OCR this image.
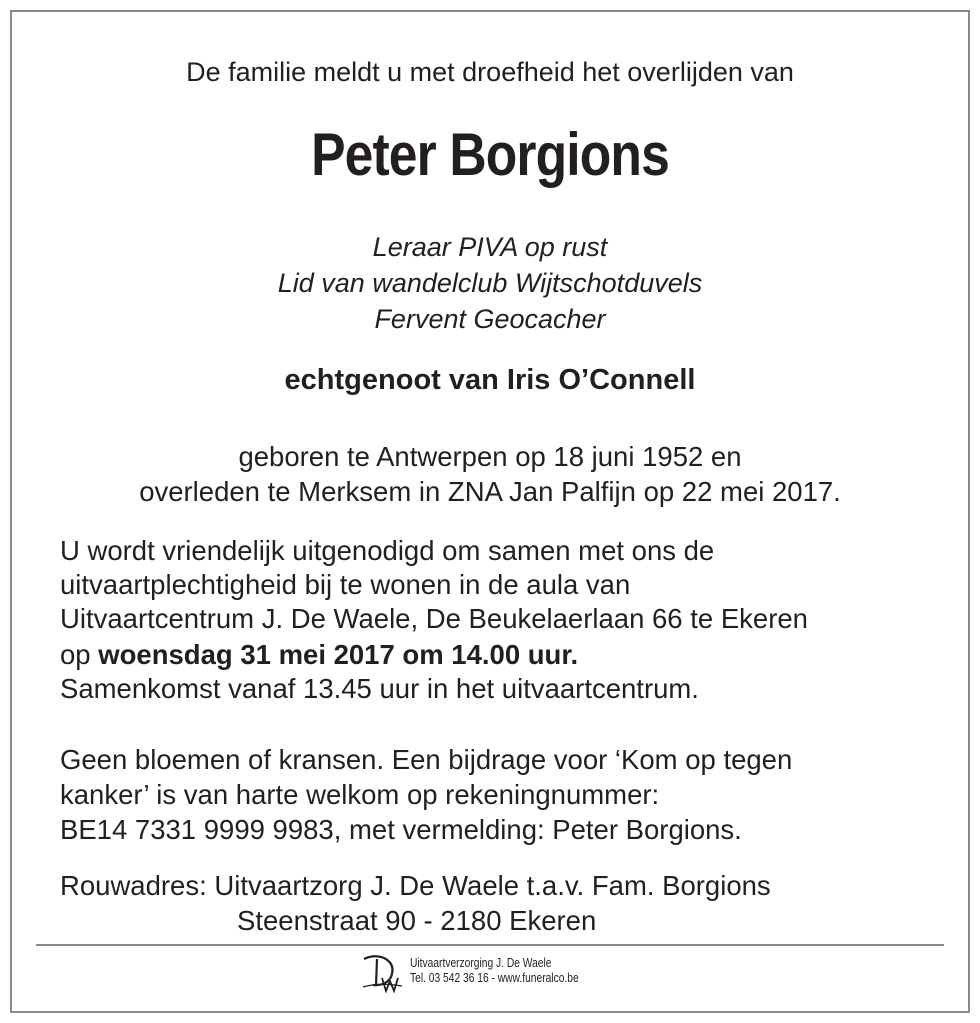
De familie meldt u met droefheid het overlijden van
Peter Borgions
Leraar PIVA op rust
Lid van wandelclub Wijtschotduvels
Fervent Geocacher
echtgenoot van Iris O’Connell
geboren te Antwerpen op 18 juni 1952 en
overleden te Merksem in ZNA Jan Palfijn op 22 mei 2017.
U wordt vriendelijk uitgenodigd om samen met ons de
uitvaartplechtigheid bij te wonen in de aula van
Uitvaartcentrum J. De Waele, De Beukelaerlaan 66 te Ekeren
op woensdag 31 mei 2017 om 14.00 uur.
Samenkomst vanaf 13.45 uur in het uitvaartcentrum.
Geen bloemen of kransen. Een bijdrage voor ‘Kom op tegen
kanker’ is van harte welkom op rekeningnummer:
BE14 7331 9999 9983, met vermelding: Peter Borgions.
Rouwadres: Uitvaartzorg J. De Waele t.a.v. Fam. Borgions
Steenstraat 90 - 2180 Ekeren
Uitvaartverzorging J. De Waele
Tel. 03 542 36 16 - www.funeralco.be
